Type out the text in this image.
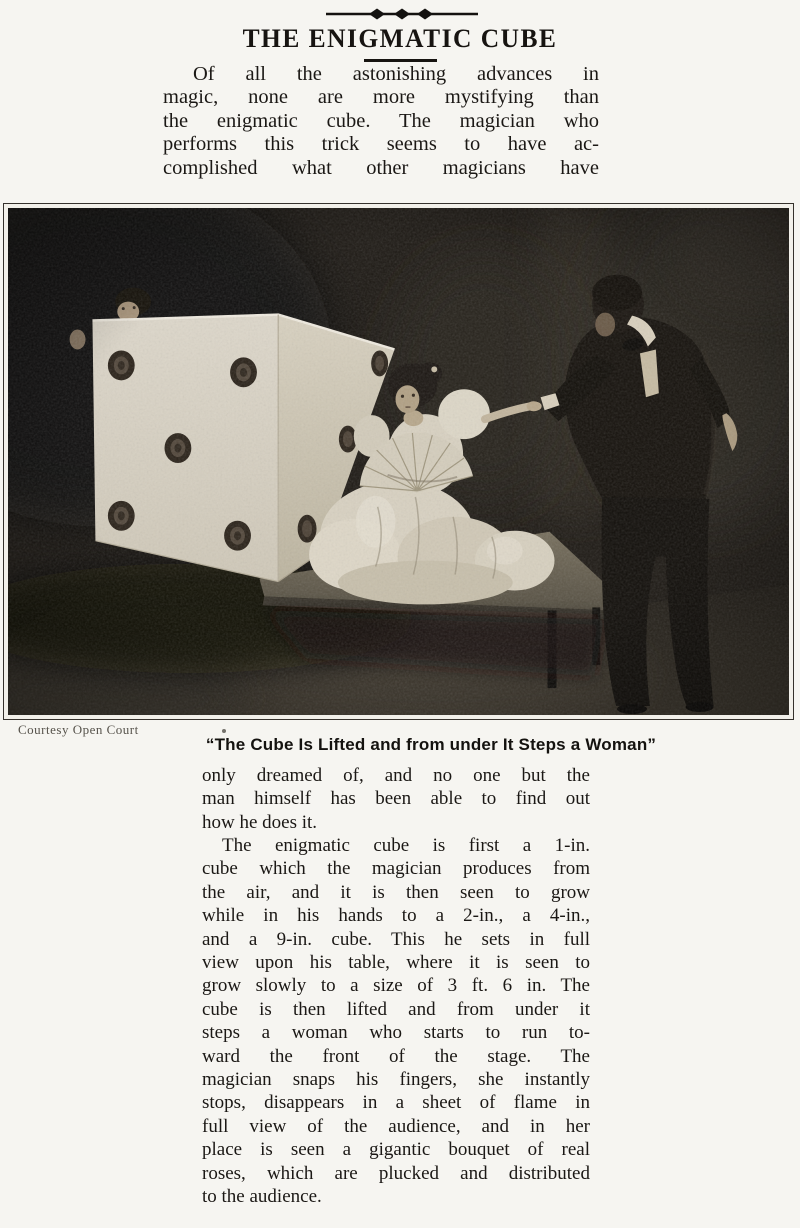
THE ENIGMATIC CUBE
Of all the astonishing advances in
magic, none are more mystifying than
the enigmatic cube. The magician who
performs this trick seems to have ac-
complished what other magicians have
Courtesy Open Court
“The Cube Is Lifted and from under It Steps a Woman”
only dreamed of, and no one but the
man himself has been able to find out
how he does it.
The enigmatic cube is first a 1-in.
cube which the magician produces from
the air, and it is then seen to grow
while in his hands to a 2-in., a 4-in.,
and a 9-in. cube. This he sets in full
view upon his table, where it is seen to
grow slowly to a size of 3 ft. 6 in. The
cube is then lifted and from under it
steps a woman who starts to run to-
ward the front of the stage. The
magician snaps his fingers, she instantly
stops, disappears in a sheet of flame in
full view of the audience, and in her
place is seen a gigantic bouquet of real
roses, which are plucked and distributed
to the audience.
